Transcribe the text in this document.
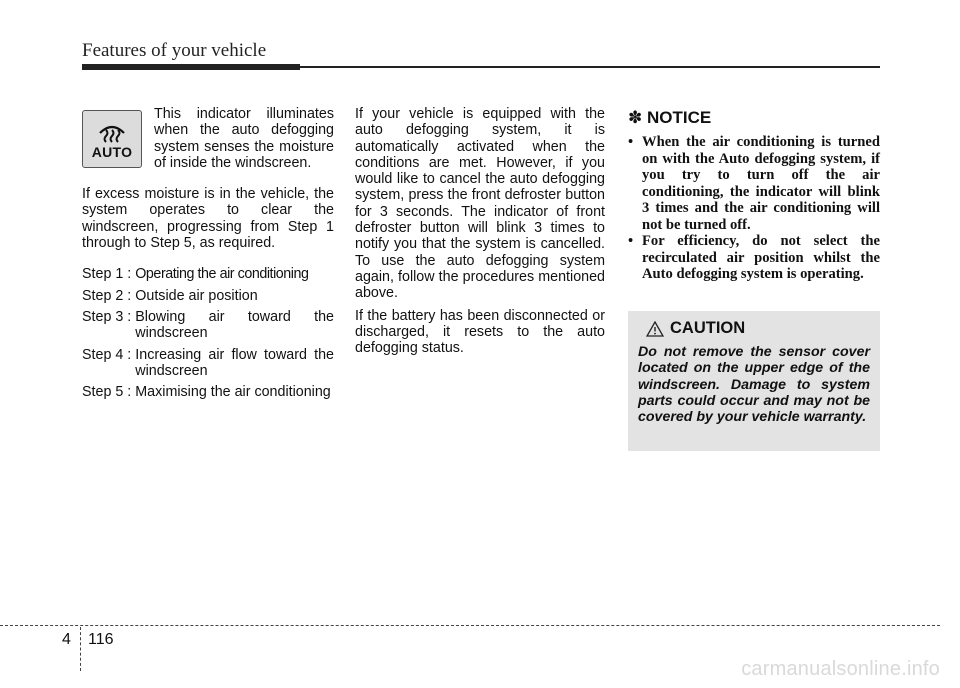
Features of your vehicle
AUTO

This indicator illuminates when the auto defogging system senses the moisture of inside the windscreen.

If excess moisture is in the vehicle, the system operates to clear the windscreen, progressing from Step 1 through to Step 5, as required.

Step 1 : Operating the air conditioning
Step 2 : Outside air position
Step 3 : Blowing air toward the windscreen
Step 4 : Increasing air flow toward the windscreen
Step 5 : Maximising the air conditioning

If your vehicle is equipped with the auto defogging system, it is automatically activated when the conditions are met. However, if you would like to cancel the auto defogging system, press the front defroster button for 3 seconds. The indicator of front defroster button will blink 3 times to notify you that the system is cancelled. To use the auto defogging system again, follow the procedures mentioned above.

If the battery has been disconnected or discharged, it resets to the auto defogging status.

✽ NOTICE
• When the air conditioning is turned on with the Auto defogging system, if you try to turn off the air conditioning, the indicator will blink 3 times and the air conditioning will not be turned off.
• For efficiency, do not select the recirculated air position whilst the Auto defogging system is operating.
CAUTION
Do not remove the sensor cover located on the upper edge of the windscreen. Damage to system parts could occur and may not be covered by your vehicle warranty.
4 116
carmanualsonline.info
